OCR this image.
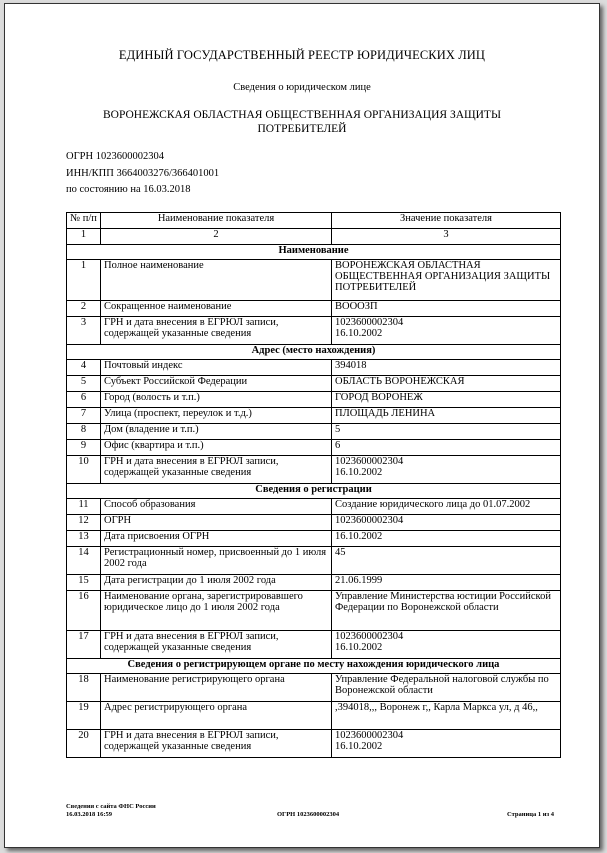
ЕДИНЫЙ ГОСУДАРСТВЕННЫЙ РЕЕСТР ЮРИДИЧЕСКИХ ЛИЦ
Сведения о юридическом лице
ВОРОНЕЖСКАЯ ОБЛАСТНАЯ ОБЩЕСТВЕННАЯ ОРГАНИЗАЦИЯ ЗАЩИТЫ
ПОТРЕБИТЕЛЕЙ
ОГРН 1023600002304
ИНН/КПП 3664003276/366401001
по состоянию на 16.03.2018
№ п/п	Наименование показателя	Значение показателя
1	2	3
Наименование		
1	Полное наименование	ВОРОНЕЖСКАЯ ОБЛАСТНАЯ ОБЩЕСТВЕННАЯ ОРГАНИЗАЦИЯ ЗАЩИТЫ ПОТРЕБИТЕЛЕЙ
2	Сокращенное наименование	ВОООЗП
3	ГРН и дата внесения в ЕГРЮЛ записи, содержащей указанные сведения	1023600002304
16.10.2002

Адрес (место нахождения)		
4	Почтовый индекс	394018
5	Субъект Российской Федерации	ОБЛАСТЬ ВОРОНЕЖСКАЯ
6	Город (волость и т.п.)	ГОРОД ВОРОНЕЖ
7	Улица (проспект, переулок и т.д.)	ПЛОЩАДЬ ЛЕНИНА
8	Дом (владение и т.п.)	5
9	Офис (квартира и т.п.)	6
10	ГРН и дата внесения в ЕГРЮЛ записи, содержащей указанные сведения	1023600002304
16.10.2002

Сведения о регистрации		
11	Способ образования	Создание юридического лица до 01.07.2002
12	ОГРН	1023600002304
13	Дата присвоения ОГРН	16.10.2002
14	Регистрационный номер, присвоенный до 1 июля 2002 года	45
15	Дата регистрации до 1 июля 2002 года	21.06.1999
16	Наименование органа, зарегистрировавшего юридическое лицо до 1 июля 2002 года	Управление Министерства юстиции Российской Федерации по Воронежской области
17	ГРН и дата внесения в ЕГРЮЛ записи, содержащей указанные сведения	1023600002304
16.10.2002

Сведения о регистрирующем органе по месту нахождения юридического лица		
18	Наименование регистрирующего органа	Управление Федеральной налоговой службы по Воронежской области
19	Адрес регистрирующего органа	,394018,,, Воронеж г,, Карла Маркса ул, д 46,,
20	ГРН и дата внесения в ЕГРЮЛ записи, содержащей указанные сведения	1023600002304
16.10.2002
Сведения с сайта ФНС России
16.03.2018 16:59	ОГРН 1023600002304	Страница 1 из 4
